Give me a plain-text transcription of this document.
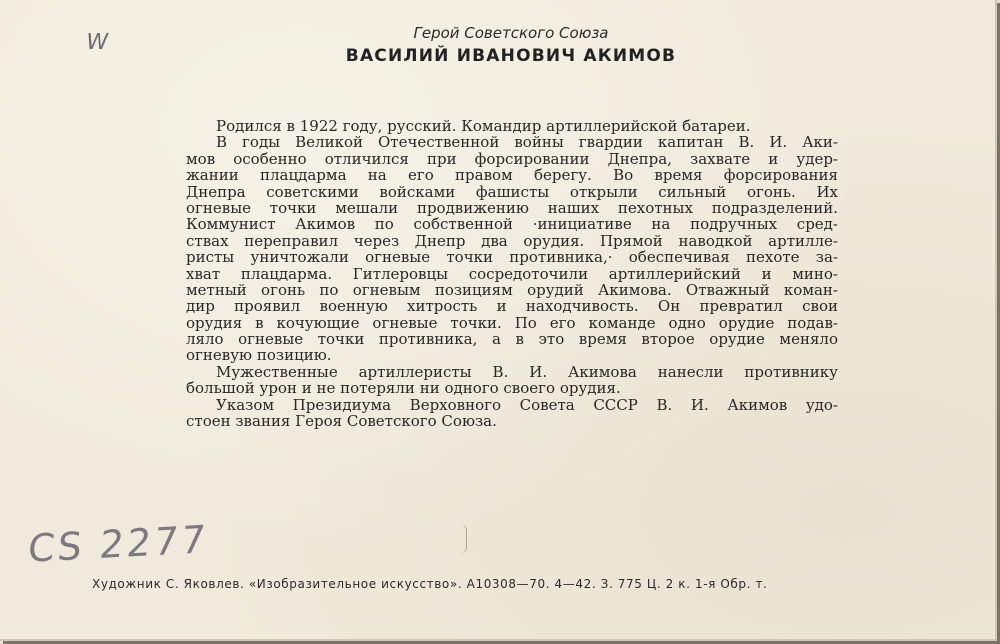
W	Герой Советского Союза
ВАСИЛИЙ ИВАНОВИЧ АКИМОВ
Родился в 1922 году, русский. Командир артиллерийской батареи.
В годы Великой Отечественной войны гвардии капитан В. И. Аки-
мов особенно отличился при форсировании Днепра, захвате и удер-
жании плацдарма на его правом берегу. Во время форсирования
Днепра советскими войсками фашисты открыли сильный огонь. Их
огневые точки мешали продвижению наших пехотных подразделений.
Коммунист Акимов по собственной ·инициативе на подручных сред-
ствах переправил через Днепр два орудия. Прямой наводкой артилле-
ристы уничтожали огневые точки противника,· обеспечивая пехоте за-
хват плацдарма. Гитлеровцы сосредоточили артиллерийский и мино-
метный огонь по огневым позициям орудий Акимова. Отважный коман-
дир проявил военную хитрость и находчивость. Он превратил свои
орудия в кочующие огневые точки. По его команде одно орудие подав-
ляло огневые точки противника, а в это время второе орудие меняло
огневую позицию.
Мужественные артиллеристы В. И. Акимова нанесли противнику
большой урон и не потеряли ни одного своего орудия.
Указом Президиума Верховного Совета СССР В. И. Акимов удо-
стоен звания Героя Советского Союза.
CS 2277
Художник С. Яковлев. «Изобразительное искусство». А10308—70. 4—42. З. 775 Ц. 2 к. 1-я Обр. т.
